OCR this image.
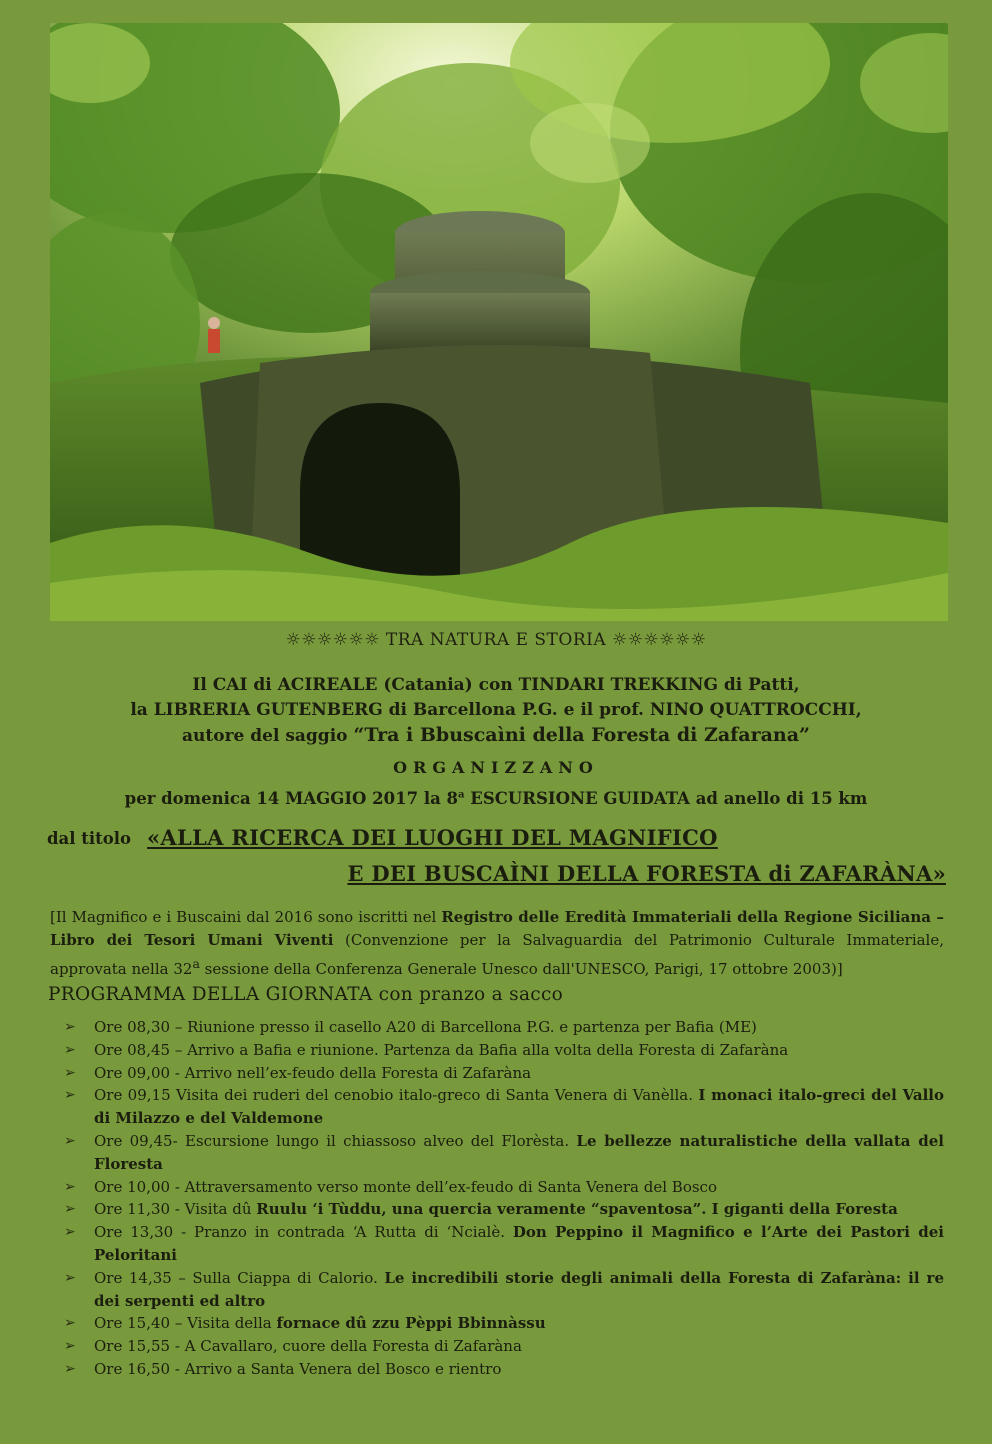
☼☼☼☼☼☼ TRA NATURA E STORIA ☼☼☼☼☼☼
Il CAI di ACIREALE (Catania) con TINDARI TREKKING di Patti,
la LIBRERIA GUTENBERG di Barcellona P.G. e il prof. NINO QUATTROCCHI,
autore del saggio “Tra i Bbuscaìni della Foresta di Zafarana”
ORGANIZZANO
per domenica 14 MAGGIO 2017 la 8$^a$ ESCURSIONE GUIDATA ad anello di 15 km
dal titolo «ALLA RICERCA DEI LUOGHI DEL MAGNIFICO
E DEI BUSCAÌNI DELLA FORESTA di ZAFARÀNA»
[Il Magnifico e i Buscaini dal 2016 sono iscritti nel Registro delle Eredità Immateriali della Regione Siciliana – Libro dei Tesori Umani Viventi (Convenzione per la Salvaguardia del Patrimonio Culturale Immateriale, approvata nella 32$^a$ sessione della Conferenza Generale Unesco dall'UNESCO, Parigi, 17 ottobre 2003)]
PROGRAMMA DELLA GIORNATA con pranzo a sacco
➢ Ore 08,30 – Riunione presso il casello A20 di Barcellona P.G. e partenza per Bafia (ME)
➢ Ore 08,45 – Arrivo a Bafia e riunione. Partenza da Bafia alla volta della Foresta di Zafaràna
➢ Ore 09,00 - Arrivo nell’ex-feudo della Foresta di Zafaràna
➢ Ore 09,15 Visita dei ruderi del cenobio italo-greco di Santa Venera di Vanèlla. I monaci italo-greci del Vallo di Milazzo e del Valdemone
➢ Ore 09,45- Escursione lungo il chiassoso alveo del Florèsta. Le bellezze naturalistiche della vallata del Floresta
➢ Ore 10,00 - Attraversamento verso monte dell’ex-feudo di Santa Venera del Bosco
➢ Ore 11,30 - Visita dû Ruulu ‘i Tùddu, una quercia veramente “spaventosa”. I giganti della Foresta
➢ Ore 13,30 - Pranzo in contrada ‘A Rutta di ‘Ncialè. Don Peppino il Magnifico e l’Arte dei Pastori dei Peloritani
➢ Ore 14,35 – Sulla Ciappa di Calorio. Le incredibili storie degli animali della Foresta di Zafaràna: il re dei serpenti ed altro
➢ Ore 15,40 – Visita della fornace dû zzu Pèppi Bbinnàssu
➢ Ore 15,55 - A Cavallaro, cuore della Foresta di Zafaràna
➢ Ore 16,50 - Arrivo a Santa Venera del Bosco e rientro
